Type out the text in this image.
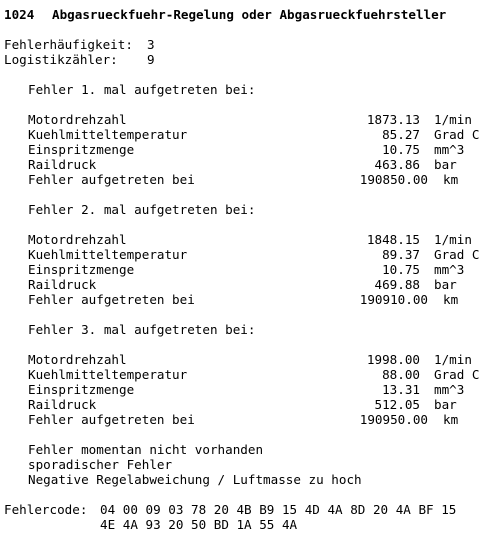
1024 Abgasrueckfuehr-Regelung oder Abgasrueckfuehrsteller
Fehlerhäufigkeit: 3
Logistikzähler: 9
Fehler 1. mal aufgetreten bei:
Motordrehzahl	1873.13 1/min
Kuehlmitteltemperatur	85.27 Grad C
Einspritzmenge	10.75 mm^3
Raildruck	463.86 bar
Fehler aufgetreten bei	190850.00 km
Fehler 2. mal aufgetreten bei:
Motordrehzahl	1848.15 1/min
Kuehlmitteltemperatur	89.37 Grad C
Einspritzmenge	10.75 mm^3
Raildruck	469.88 bar
Fehler aufgetreten bei	190910.00 km
Fehler 3. mal aufgetreten bei:
Motordrehzahl	1998.00 1/min
Kuehlmitteltemperatur	88.00 Grad C
Einspritzmenge	13.31 mm^3
Raildruck	512.05 bar
Fehler aufgetreten bei	190950.00 km
Fehler momentan nicht vorhanden
sporadischer Fehler
Negative Regelabweichung / Luftmasse zu hoch
Fehlercode: 04 00 09 03 78 20 4B B9 15 4D 4A 8D 20 4A BF 15
4E 4A 93 20 50 BD 1A 55 4A
